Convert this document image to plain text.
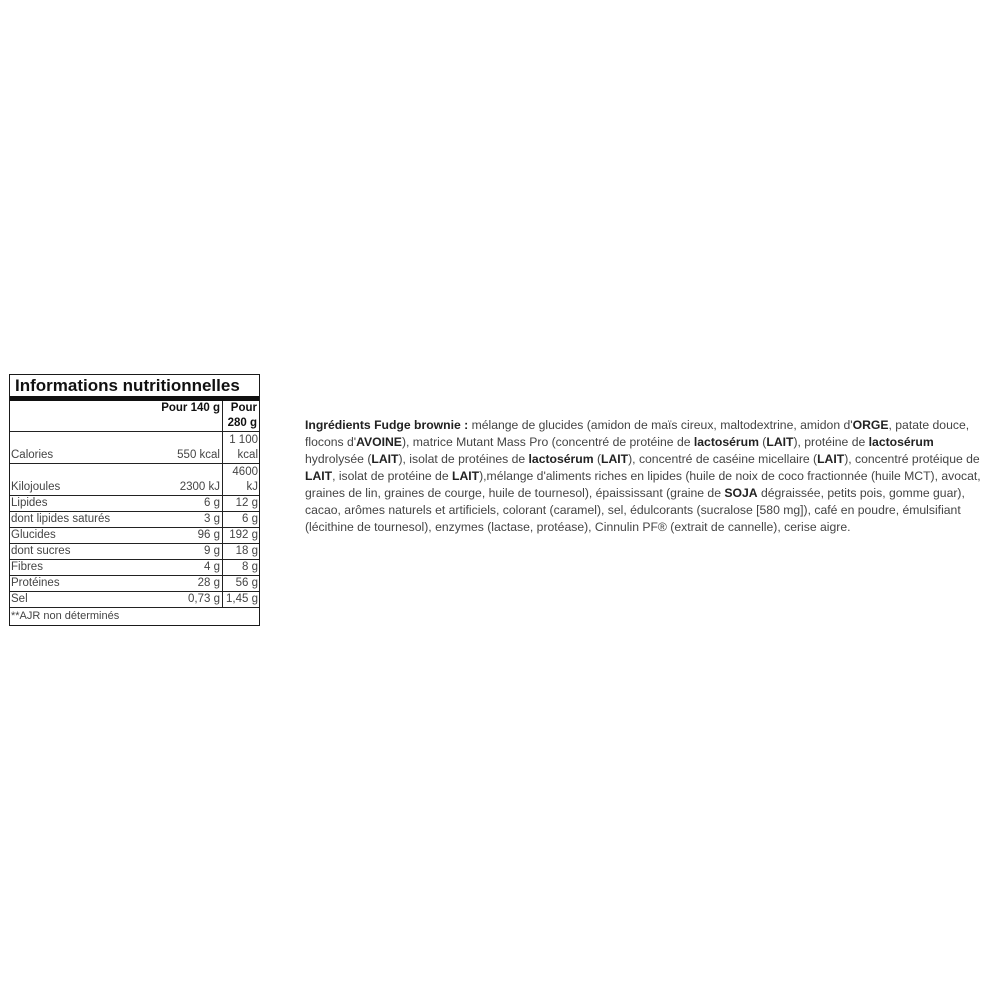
Informations nutritionnelles
	Pour 140 g	Pour 280 g
Calories	550 kcal	1 100 kcal
Kilojoules	2300 kJ	4600 kJ
Lipides	6 g	12 g
dont lipides saturés	3 g	6 g
Glucides	96 g	192 g
dont sucres	9 g	18 g
Fibres	4 g	8 g
Protéines	28 g	56 g
Sel	0,73 g	1,45 g
**AJR non déterminés		

Ingrédients Fudge brownie : mélange de glucides (amidon de maïs cireux, maltodextrine, amidon d'ORGE, patate douce, flocons d'AVOINE), matrice Mutant Mass Pro (concentré de protéine de lactosérum (LAIT), protéine de lactosérum hydrolysée (LAIT), isolat de protéines de lactosérum (LAIT), concentré de caséine micellaire (LAIT), concentré protéique de LAIT, isolat de protéine de LAIT),mélange d'aliments riches en lipides (huile de noix de coco fractionnée (huile MCT), avocat, graines de lin, graines de courge, huile de tournesol), épaississant (graine de SOJA dégraissée, petits pois, gomme guar), cacao, arômes naturels et artificiels, colorant (caramel), sel, édulcorants (sucralose [580 mg]), café en poudre, émulsifiant (lécithine de tournesol), enzymes (lactase, protéase), Cinnulin PF® (extrait de cannelle), cerise aigre.
